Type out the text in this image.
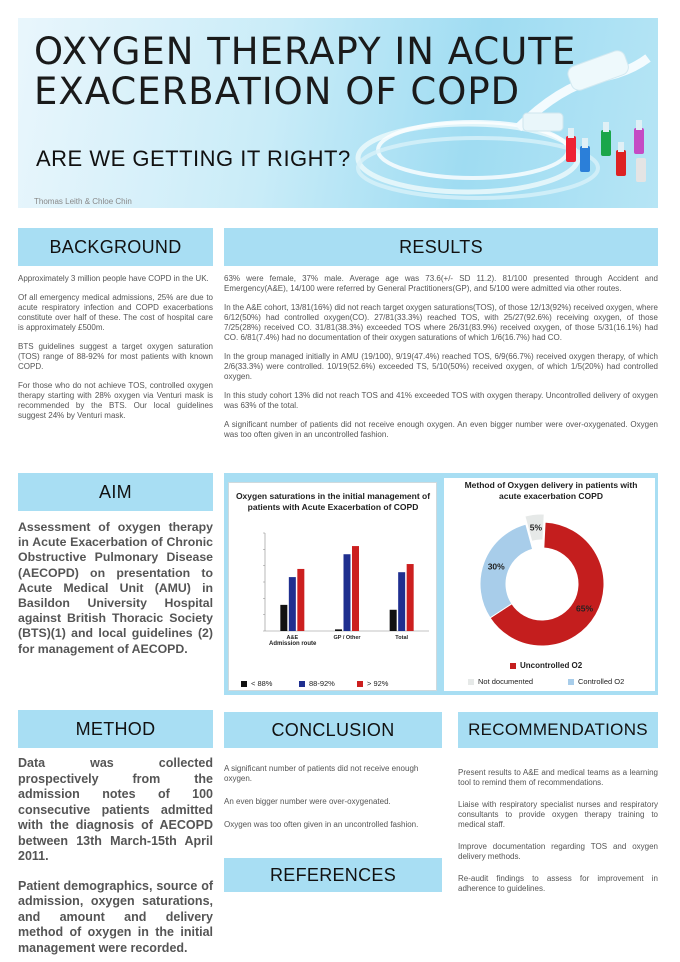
OXYGEN THERAPY IN ACUTE
EXACERBATION OF COPD
ARE WE GETTING IT RIGHT?
Thomas Leith & Chloe Chin
BACKGROUND

Approximately 3 million people have COPD in the UK.

Of all emergency medical admissions, 25% are due to acute respiratory infection and COPD exacerbations constitute over half of these. The cost of hospital care is approximately £500m.

BTS guidelines suggest a target oxygen saturation (TOS) range of 88-92% for most patients with known COPD.

For those who do not achieve TOS, controlled oxygen therapy starting with 28% oxygen via Venturi mask is recommended by the BTS. Our local guidelines suggest 24% by Venturi mask.

RESULTS

63% were female, 37% male. Average age was 73.6(+/- SD 11.2). 81/100 presented through Accident and Emergency(A&E), 14/100 were referred by General Practitioners(GP), and 5/100 were admitted via other routes.

In the A&E cohort, 13/81(16%) did not reach target oxygen saturations(TOS), of those 12/13(92%) received oxygen, where 6/12(50%) had controlled oxygen(CO). 27/81(33.3%) reached TOS, with 25/27(92.6%) receiving oxygen, of those 7/25(28%) received CO. 31/81(38.3%) exceeded TOS where 26/31(83.9%) received oxygen, of those 5/31(16.1%) had CO. 6/81(7.4%) had no documentation of their oxygen saturations of which 1/6(16.7%) had CO.

In the group managed initially in AMU (19/100), 9/19(47.4%) reached TOS, 6/9(66.7%) received oxygen therapy, of which 2/6(33.3%) were controlled. 10/19(52.6%) exceeded TS, 5/10(50%) received oxygen, of which 1/5(20%) had controlled oxygen.

In this study cohort 13% did not reach TOS and 41% exceeded TOS with oxygen therapy. Uncontrolled delivery of oxygen was 63% of the total.

A significant number of patients did not receive enough oxygen. An even bigger number were over-oxygenated. Oxygen was too often given in an uncontrolled fashion.

AIM
Assessment of oxygen therapy in Acute Exacerbation of Chronic Obstructive Pulmonary Disease (AECOPD) on presentation to Acute Medical Unit (AMU) in Basildon University Hospital against British Thoracic Society (BTS)(1) and local guidelines (2) for management of AECOPD.
Oxygen saturations in the initial management of patients with Acute Exacerbation of COPD
A&E	GP / Other	Total
Admission route
< 88%	88-92%	> 92%
Method of Oxygen delivery in patients with acute exacerbation COPD
65%
30%
5%
Uncontrolled O2
Not documented	Controlled O2
METHOD

Data was collected prospectively from the admission notes of 100 consecutive patients admitted with the diagnosis of AECOPD between 13th March-15th April 2011.

Patient demographics, source of admission, oxygen saturations, and amount and delivery method of oxygen in the initial management were recorded.

CONCLUSION

A significant number of patients did not receive enough oxygen.

An even bigger number were over-oxygenated.

Oxygen was too often given in an uncontrolled fashion.

REFERENCES
RECOMMENDATIONS

Present results to A&E and medical teams as a learning tool to remind them of recommendations.

Liaise with respiratory specialist nurses and respiratory consultants to provide oxygen therapy training to medical staff.

Improve documentation regarding TOS and oxygen delivery methods.

Re-audit findings to assess for improvement in adherence to guidelines.
